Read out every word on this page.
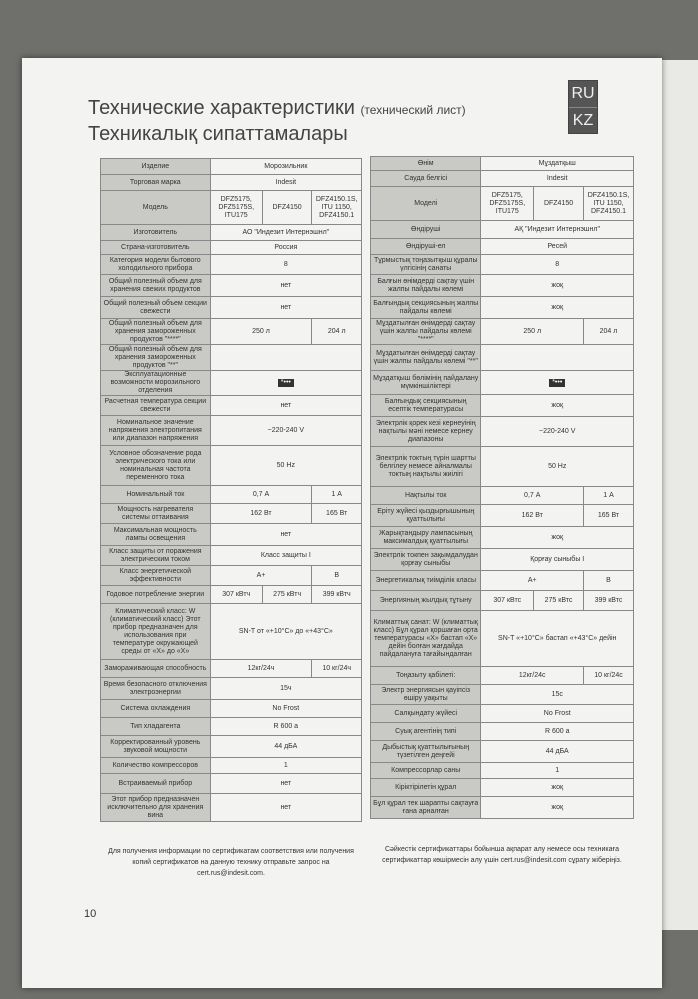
Технические характеристики (технический лист)
Техникалық сипаттамалары
RU
KZ
Изделие	Морозильник		
Торговая марка	Indesit		
Модель	DFZ5175, DFZ5175S, ITU175	DFZ4150	DFZ4150.1S, ITU 1150, DFZ4150.1
Изготовитель	АО "Индезит Интернэшнл"		
Страна-изготовитель	Россия		
Категория модели бытового холодильного прибора	8		
Общий полезный объем для хранения свежих продуктов	нет		
Общий полезный объем секции свежести	нет		
Общий полезный объем для хранения замороженных продуктов "****"	250 л		204 л
Общий полезный объем для хранения замороженных продуктов "**"			
Эксплуатационные возможности морозильного отделения	*•••		
Расчетная температура секции свежести	нет		
Номинальное значение напряжения электропитания или диапазон напряжения	~220-240 V		
Условное обозначение рода электрического тока или номинальная частота переменного тока	50 Hz		
Номинальный ток	0,7 А		1 А
Мощность нагревателя системы оттаивания	162 Вт		165 Вт
Максимальная мощность лампы освещения	нет		
Класс защиты от поражения электрическим током	Класс защиты I		
Класс энергетической эффективности	А+		В
Годовое потребление энергии	307 кВтч	275 кВтч	399 кВтч
Климатический класс: W (климатический класс) Этот прибор предназначен для использования при температуре окружающей среды от «X» до «X»	SN-T от «+10°C» до «+43°C»		
Замораживающая способность	12кг/24ч		10 кг/24ч
Время безопасного отключения электроэнергии	15ч		
Система охлаждения	No Frost		
Тип хладагента	R 600 а		
Корректированный уровень звуковой мощности	44 дБА		
Количество компрессоров	1		
Встраиваемый прибор	нет		
Этот прибор предназначен исключительно для хранения вина	нет		
Өнім	Мұздатқыш		
Сауда белгісі	Indesit		
Моделі	DFZ5175, DFZ5175S, ITU175	DFZ4150	DFZ4150.1S, ITU 1150, DFZ4150.1
Өндіруші	АҚ "Индезит Интернэшнл"		
Өндіруші-ел	Ресей		
Тұрмыстық тоңазытқыш құралы үлгісінің санаты	8		
Балғын өнімдерді сақтау үшін жалпы пайдалы көлемі	жоқ		
Балғындық секциясының жалпы пайдалы көлемі	жоқ		
Мұздатылған өнімдерді сақтау үшін жалпы пайдалы көлемі "****"	250 л		204 л
Мұздатылған өнімдерді сақтау үшін жалпы пайдалы көлемі "**"			
Мұздатқыш бөлімінің пайдалану мүмкіншіліктері	*•••		
Балғындық секциясының есептік температурасы	жоқ		
Электрлік қорек кезі кернеуінің нақтылы мәні немесе кернеу диапазоны	~220-240 V		
Электрлік токтың түрін шартты белгілеу немесе айналмалы токтың нақтылы жиілігі	50 Hz		
Нақтылы ток	0,7 А		1 А
Еріту жүйесі қыздырғышының қуаттылығы	162 Вт		165 Вт
Жарықтандыру лампасының максималдық қуаттылығы	жоқ		
Электрлік токпен зақымдалудан қорғау сыныбы	Қорғау сыныбы I		
Энергетикалық тиімділік класы	А+		В
Энергияның жылдық тұтыну	307 кВтс	275 кВтс	399 кВтс
Климаттық санат: W (климаттық класс) Бұл құрал қоршаған орта температурасы «X» бастап «X» дейін болған жағдайда пайдалануға тағайындалған	SN-T «+10°C» бастап «+43°C» дейін		
Тоңазыту қабілеті:	12кг/24с		10 кг/24с
Электр энергиясын қауіпсіз өшіру уақыты	15с		
Салқындату жүйесі	No Frost		
Суық агентінің типі	R 600 а		
Дыбыстық қуаттылығының түзетілген деңгейі	44 дБА		
Компрессорлар саны	1		
Кіріктірілетін құрал	жоқ		
Бұл құрал тек шарапты сақтауға ғана арналған	жоқ		
Для получения информации по сертификатам соответствия или получения копий сертификатов на данную технику отправьте запрос на cert.rus@indesit.com.
Сәйкестік сертификаттары бойынша ақпарат алу немесе осы техникаға сертификаттар көшірмесін алу үшін cert.rus@indesit.com сұрату жіберіңіз.
10
